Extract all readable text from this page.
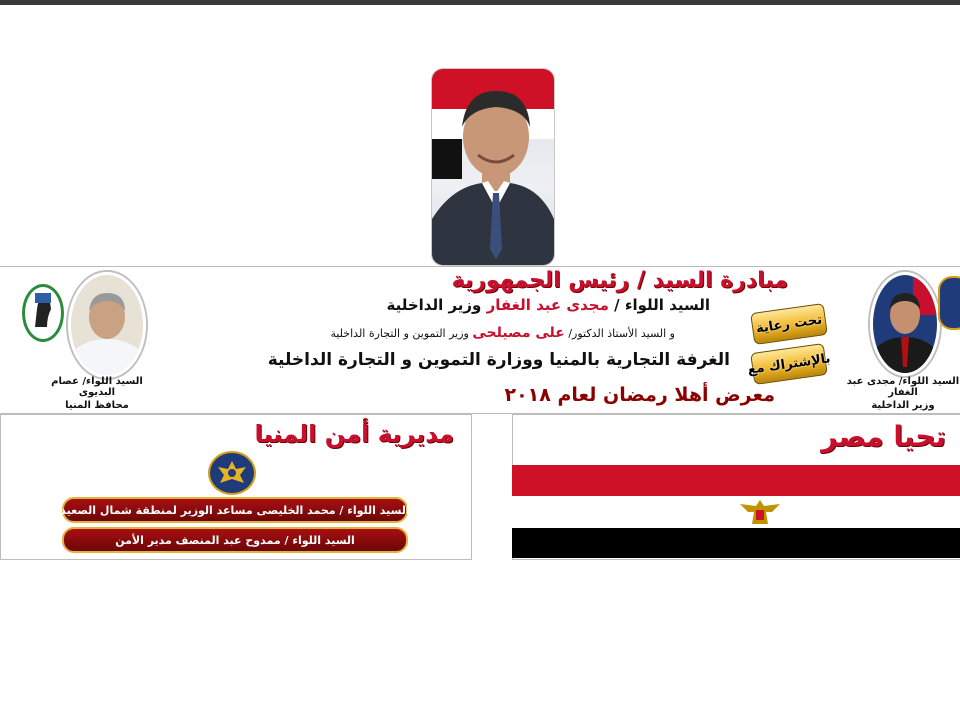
السيد اللواء/ عصام البديوى
محافظ المنيا
السيد اللواء/ مجدى عبد الغفار
وزير الداخلية
مبادرة السيد / رئيس الجمهورية
السيد اللواء / مجدى عبد الغفار وزير الداخلية
و السيد الأستاذ الدكتور/ على مصيلحى وزير التموين و التجارة الداخلية
الغرفة التجارية بالمنيا ووزارة التموين و التجارة الداخلية
معرض أهلا رمضان لعام ٢٠١٨
تحت رعاية
بالإشتراك مع
مديرية أمن المنيا
السيد اللواء / محمد الخليصى مساعد الوزير لمنطقة شمال الصعيد
السيد اللواء / ممدوح عبد المنصف مدير الأمن
تحيا مصر
